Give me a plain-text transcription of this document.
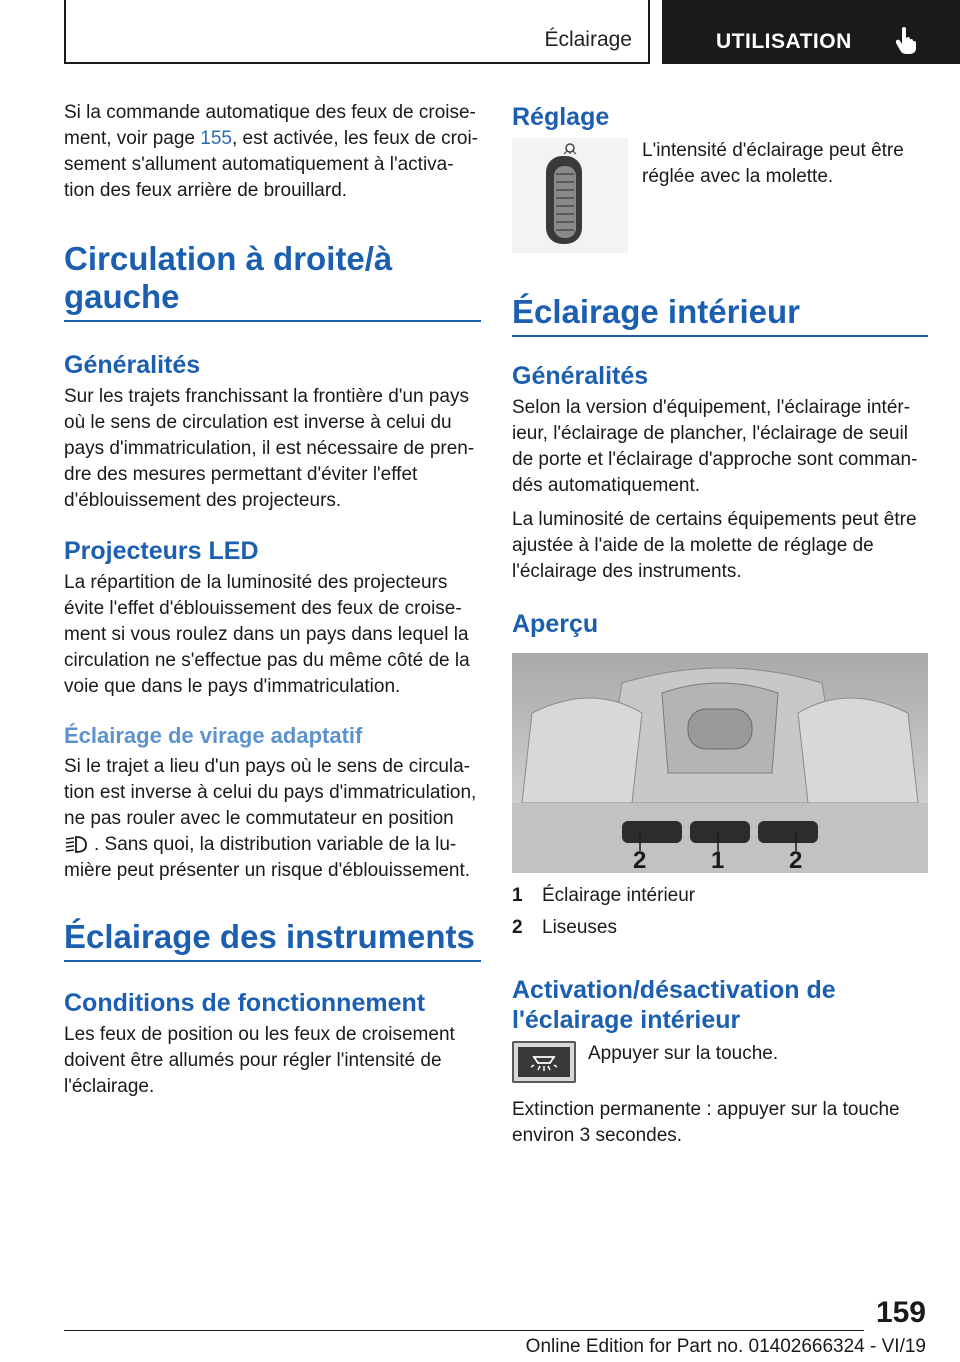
Éclairage	UTILISATION

Si la commande automatique des feux de croise-ment, voir page 155, est activée, les feux de croi-sement s'allument automatiquement à l'activa-tion des feux arrière de brouillard.

Circulation à droite/à gauche
Généralités

Sur les trajets franchissant la frontière d'un pays où le sens de circulation est inverse à celui du pays d'immatriculation, il est nécessaire de pren-dre des mesures permettant d'éviter l'effet d'éblouissement des projecteurs.

Projecteurs LED

La répartition de la luminosité des projecteurs évite l'effet d'éblouissement des feux de croise-ment si vous roulez dans un pays dans lequel la circulation ne s'effectue pas du même côté de la voie que dans le pays d'immatriculation.

Éclairage de virage adaptatif

Si le trajet a lieu d'un pays où le sens de circula-tion est inverse à celui du pays d'immatriculation, ne pas rouler avec le commutateur en position . Sans quoi, la distribution variable de la lu-mière peut présenter un risque d'éblouissement.

Éclairage des instruments
Conditions de fonctionnement

Les feux de position ou les feux de croisement doivent être allumés pour régler l'intensité de l'éclairage.

Réglage

L'intensité d'éclairage peut être réglée avec la molette.

Éclairage intérieur
Généralités

Selon la version d'équipement, l'éclairage intér-ieur, l'éclairage de plancher, l'éclairage de seuil de porte et l'éclairage d'approche sont comman-dés automatiquement.

La luminosité de certains équipements peut être ajustée à l'aide de la molette de réglage de l'éclairage des instruments.

Aperçu
2	1	2
1	Éclairage intérieur
2	Liseuses
Activation/désactivation de l'éclairage intérieur

Appuyer sur la touche.

Extinction permanente : appuyer sur la touche environ 3 secondes.

159
Online Edition for Part no. 01402666324 - VI/19
